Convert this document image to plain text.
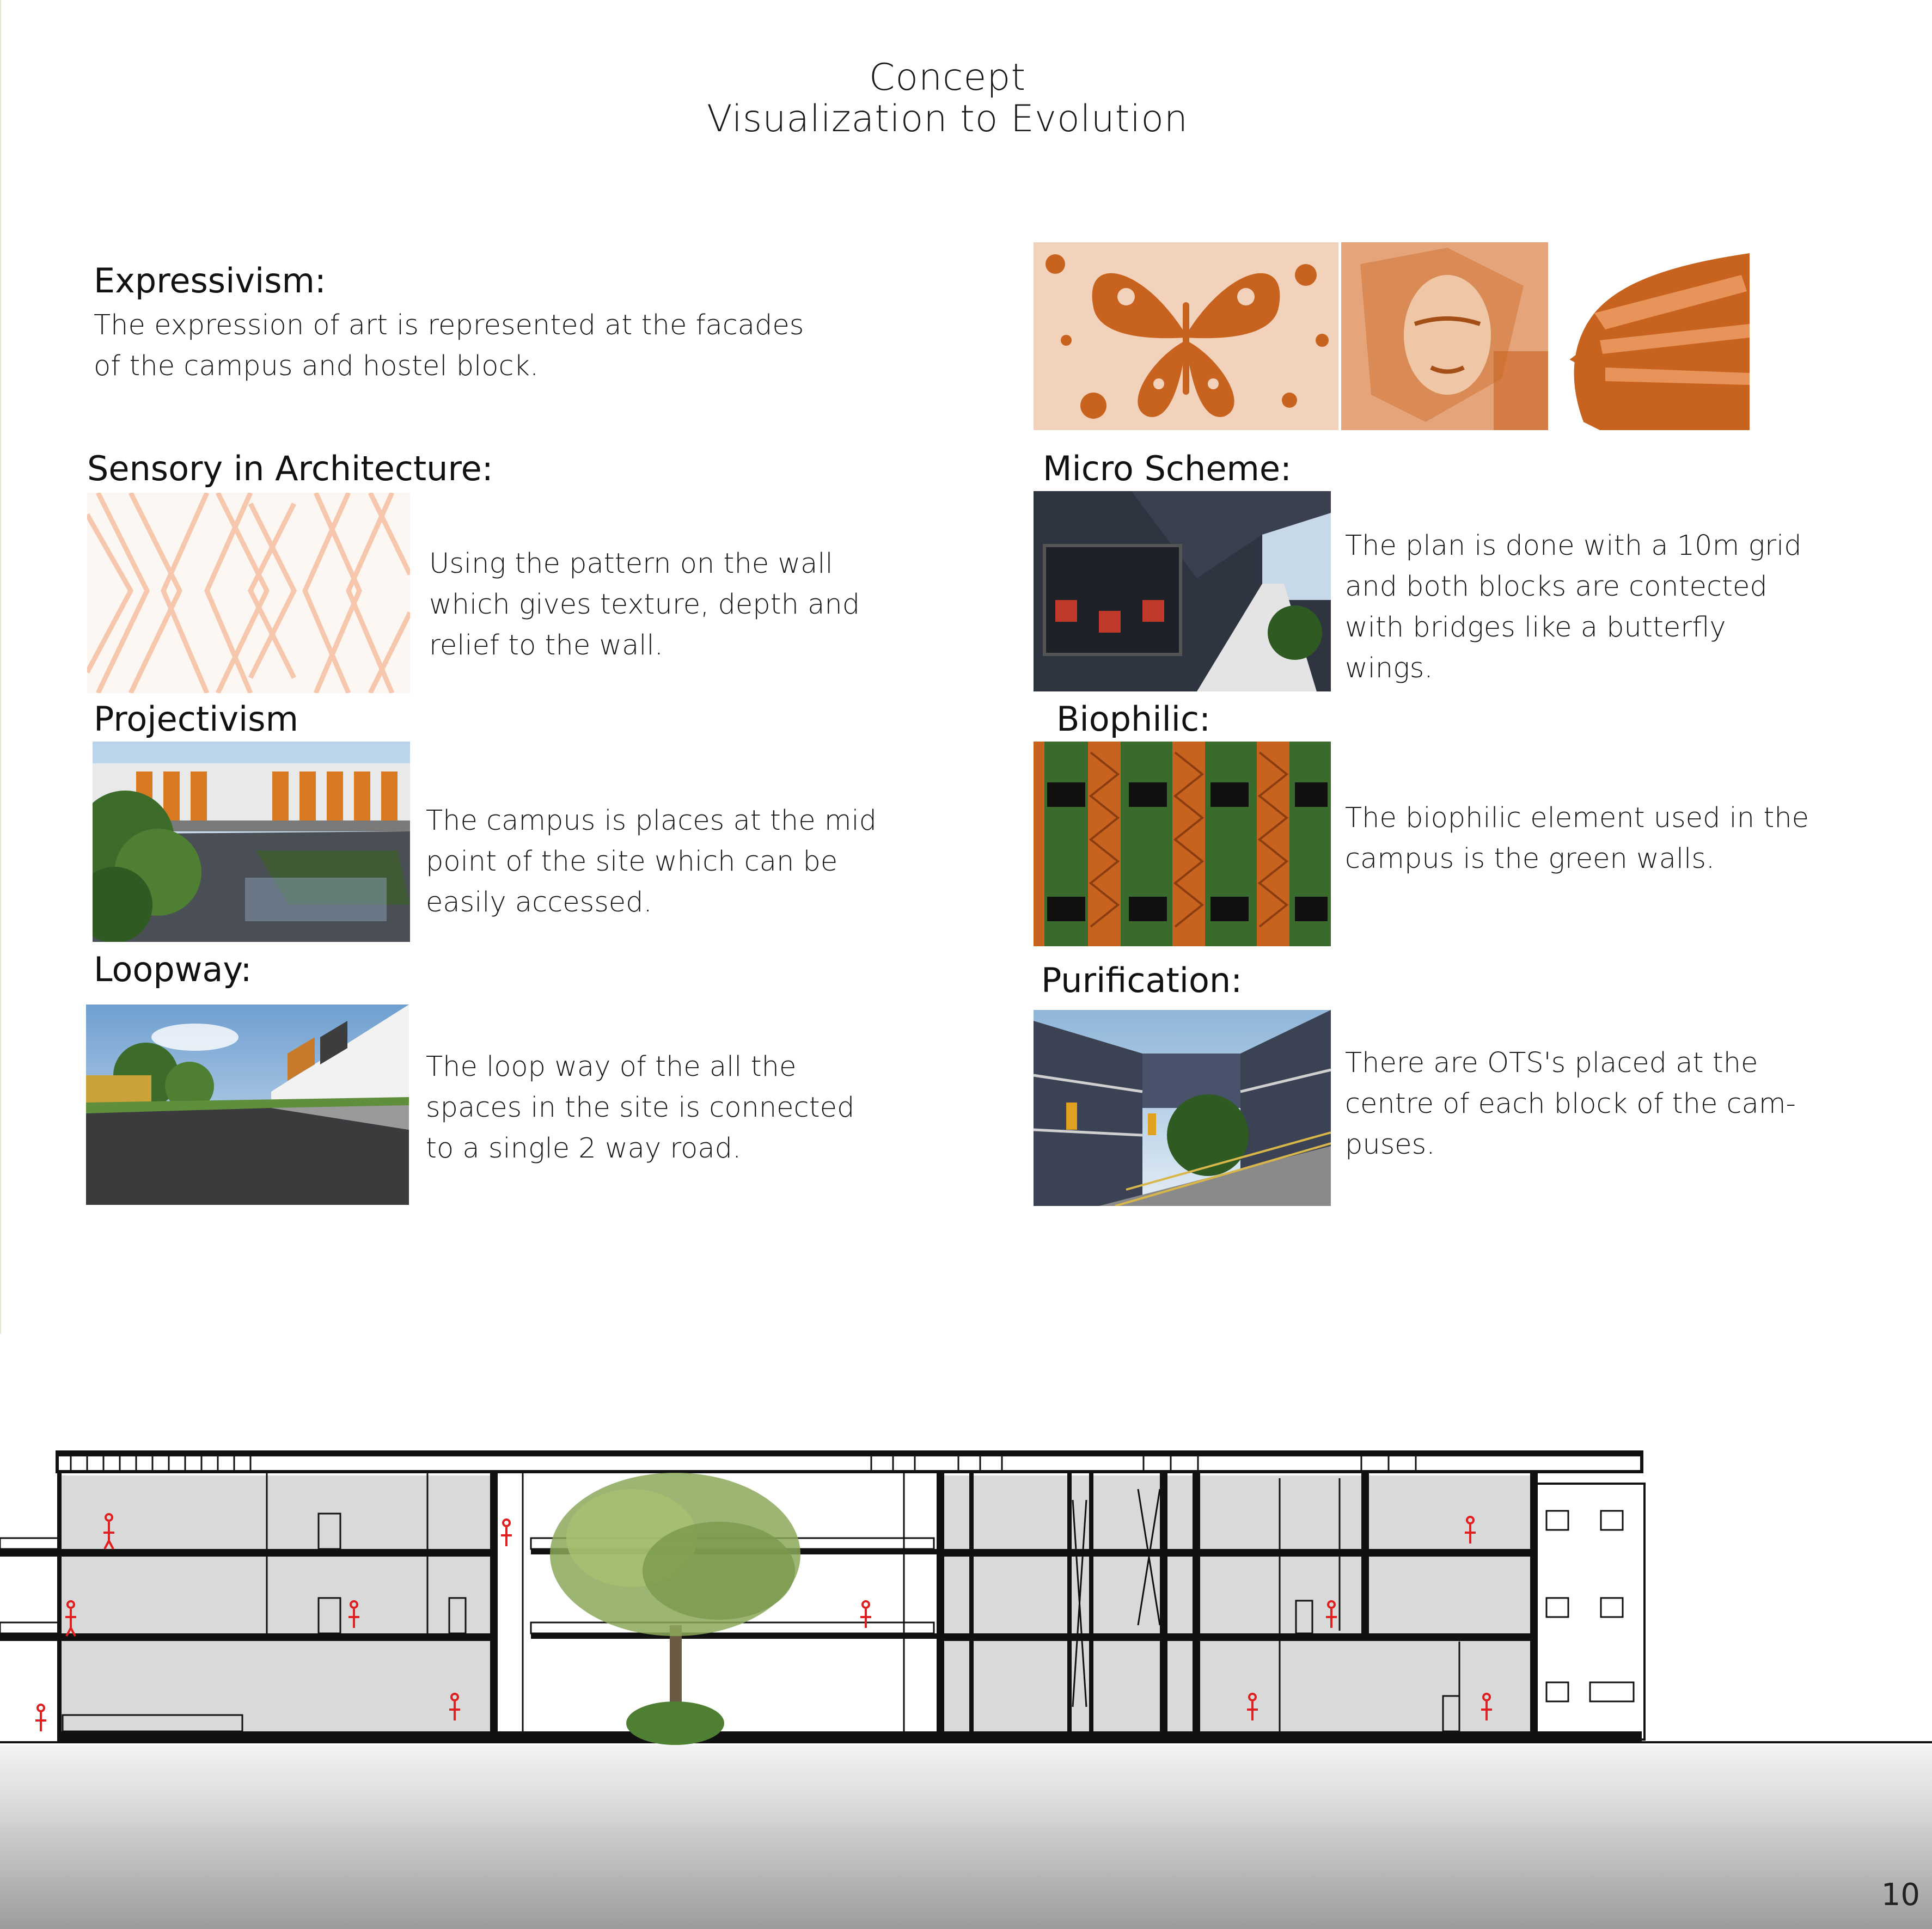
Concept
Visualization to Evolution
Expressivism:
The expression of art is represented at the facades
of the campus and hostel block.
Sensory in Architecture:
Using the pattern on the wall
which gives texture, depth and
relief to the wall.
Projectivism
The campus is places at the mid
point of the site which can be
easily accessed.
Loopway:
The loop way of the all the
spaces in the site is connected
to a single 2 way road.
Micro Scheme:
The plan is done with a 10m grid
and both blocks are contected
with bridges like a butterfly
wings.
Biophilic:
The biophilic element used in the
campus is the green walls.
Purification:
There are OTS's placed at the
centre of each block of the cam-
puses.
10
